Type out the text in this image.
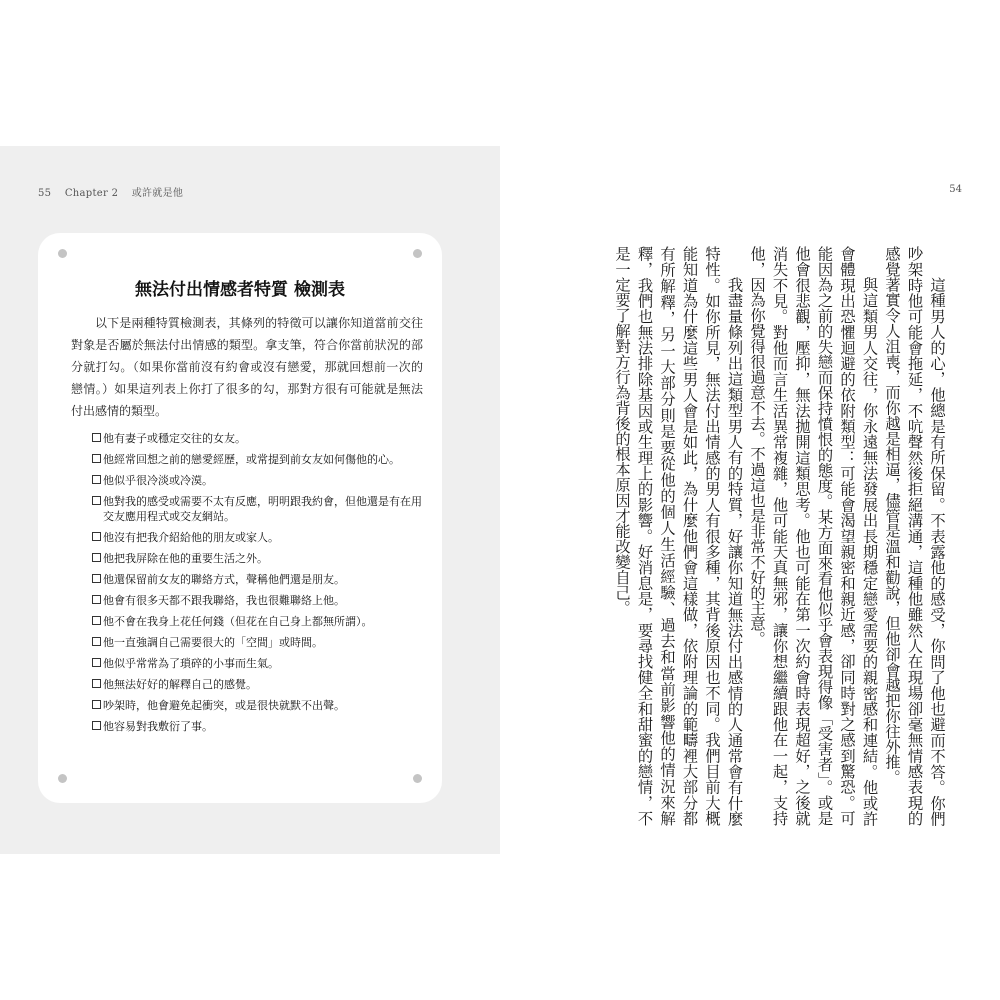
55 Chapter 2 或許就是他
無法付出情感者特質 檢測表

以下是兩種特質檢測表，其條列的特徵可以讓你知道當前交往對象是否屬於無法付出情感的類型。拿支筆，符合你當前狀況的部分就打勾。（如果你當前沒有約會或沒有戀愛，那就回想前一次的戀情。）如果這列表上你打了很多的勾，那對方很有可能就是無法付出感情的類型。

他有妻子或穩定交往的女友。
他經常回想之前的戀愛經歷，或常提到前女友如何傷他的心。
他似乎很冷淡或冷漠。
他對我的感受或需要不太有反應，明明跟我約會，但他還是有在用交友應用程式或交友網站。
他沒有把我介紹給他的朋友或家人。
他把我屏除在他的重要生活之外。
他還保留前女友的聯絡方式，聲稱他們還是朋友。
他會有很多天都不跟我聯絡，我也很難聯絡上他。
他不會在我身上花任何錢（但花在自己身上都無所謂）。
他一直強調自己需要很大的「空間」或時間。
他似乎常常為了瑣碎的小事而生氣。
他無法好好的解釋自己的感覺。
吵架時，他會避免起衝突，或是很快就默不出聲。
他容易對我敷衍了事。
54

這種男人的心，他總是有所保留。不表露他的感受，你問了他也避而不答。你們吵架時他可能會拖延，不吭聲然後拒絕溝通，這種他雖然人在現場卻毫無情感表現的感覺著實令人沮喪，而你越是相逼，儘管是溫和勸說，但他卻會越把你往外推。

與這類男人交往，你永遠無法發展出長期穩定戀愛需要的親密感和連結。他或許會體現出恐懼迴避的依附類型：可能會渴望親密和親近感，卻同時對之感到驚恐。可能因為之前的失戀而保持憤恨的態度。某方面來看他似乎會表現得像「受害者」。或是他會很悲觀，壓抑，無法拋開這類思考。他也可能在第一次約會時表現超好，之後就消失不見。對他而言生活異常複雜，他可能天真無邪，讓你想繼續跟他在一起，支持他，因為你覺得很過意不去。不過這也是非常不好的主意。

我盡量條列出這類型男人有的特質，好讓你知道無法付出感情的人通常會有什麼特性。如你所見，無法付出情感的男人有很多種，其背後原因也不同。我們目前大概能知道為什麼這些男人會是如此，為什麼他們會這樣做，依附理論的範疇裡大部分都有所解釋，另一大部分則是要從他的個人生活經驗、過去和當前影響他的情況來解釋，我們也無法排除基因或生理上的影響。好消息是，要尋找健全和甜蜜的戀情，不是一定要了解對方行為背後的根本原因才能改變自己。
